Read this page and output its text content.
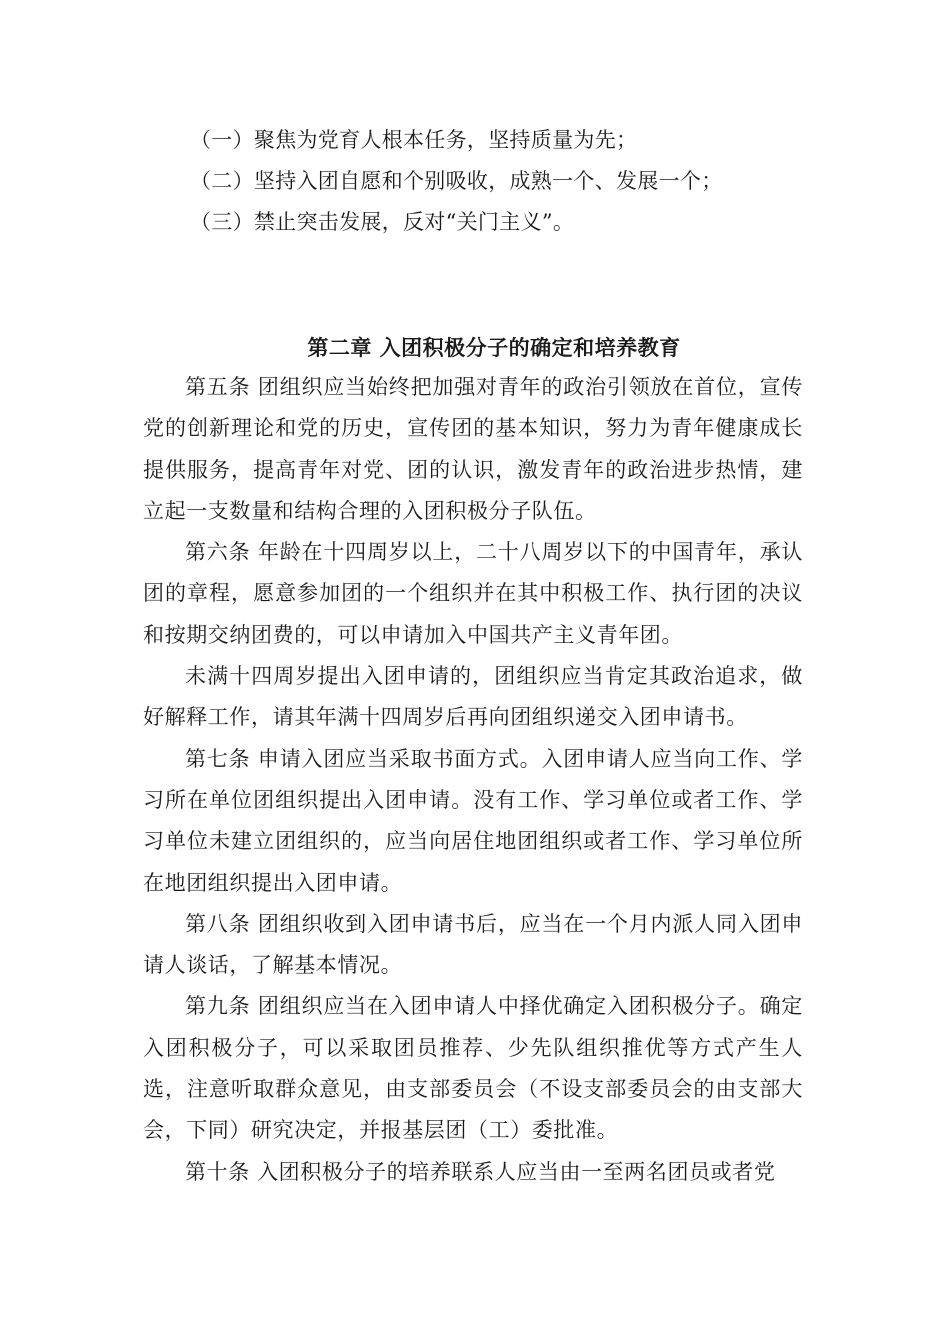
（一）聚焦为党育人根本任务，坚持质量为先；
（二）坚持入团自愿和个别吸收，成熟一个、发展一个；
（三）禁止突击发展，反对“关门主义”。
第二章 入团积极分子的确定和培养教育

第五条 团组织应当始终把加强对青年的政治引领放在首位，宣传党的创新理论和党的历史，宣传团的基本知识，努力为青年健康成长提供服务，提高青年对党、团的认识，激发青年的政治进步热情，建立起一支数量和结构合理的入团积极分子队伍。

第六条 年龄在十四周岁以上，二十八周岁以下的中国青年，承认团的章程，愿意参加团的一个组织并在其中积极工作、执行团的决议和按期交纳团费的，可以申请加入中国共产主义青年团。

未满十四周岁提出入团申请的，团组织应当肯定其政治追求，做好解释工作，请其年满十四周岁后再向团组织递交入团申请书。

第七条 申请入团应当采取书面方式。入团申请人应当向工作、学习所在单位团组织提出入团申请。没有工作、学习单位或者工作、学习单位未建立团组织的，应当向居住地团组织或者工作、学习单位所在地团组织提出入团申请。

第八条 团组织收到入团申请书后，应当在一个月内派人同入团申请人谈话，了解基本情况。

第九条 团组织应当在入团申请人中择优确定入团积极分子。确定入团积极分子，可以采取团员推荐、少先队组织推优等方式产生人选，注意听取群众意见，由支部委员会（不设支部委员会的由支部大会，下同）研究决定，并报基层团（工）委批准。

第十条 入团积极分子的培养联系人应当由一至两名团员或者党
